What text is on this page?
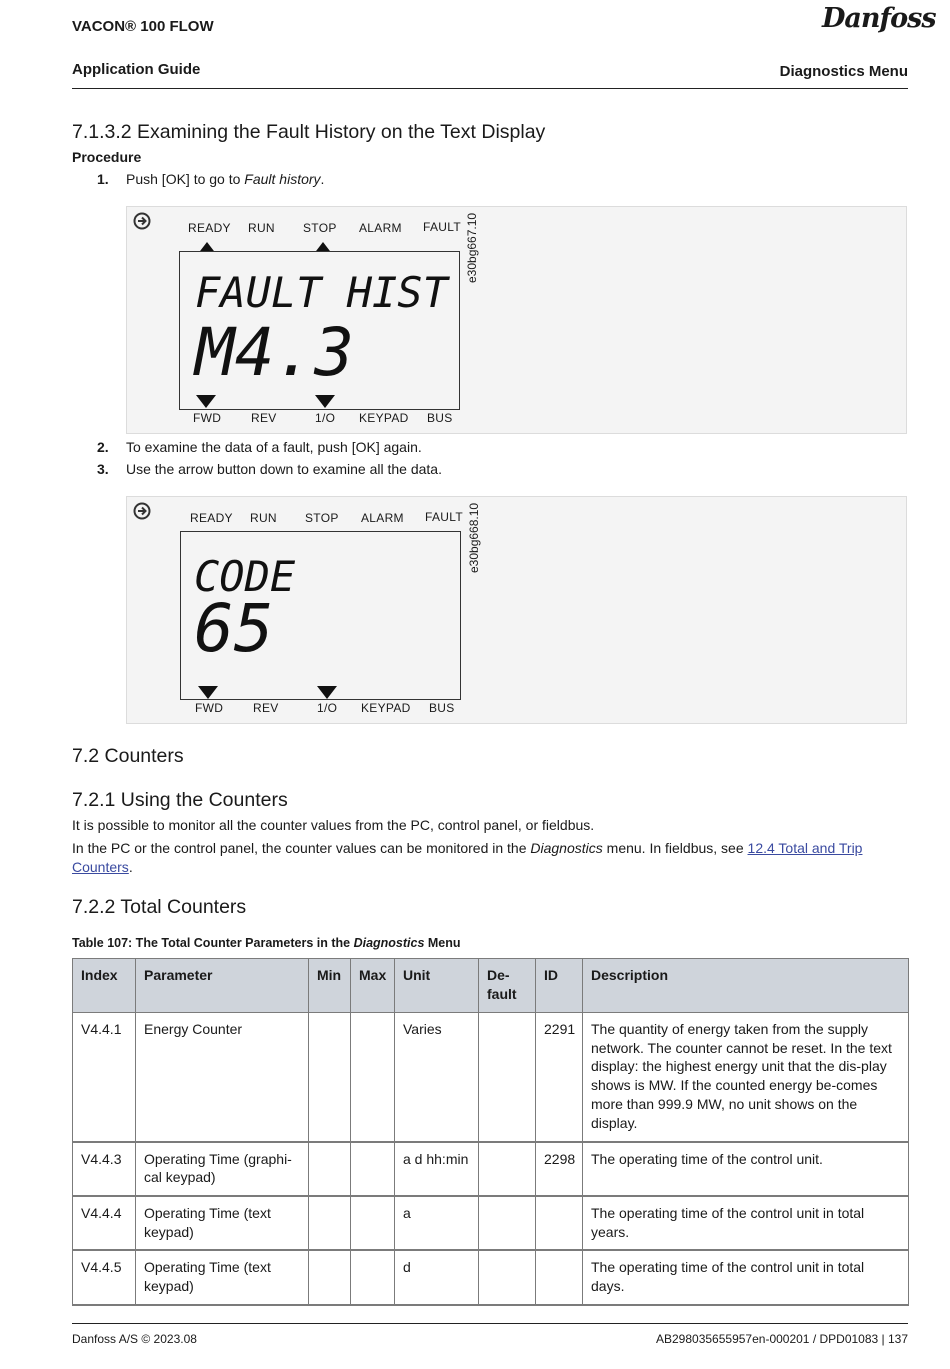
VACON® 100 FLOW	Danfoss
Application Guide	Diagnostics Menu
7.1.3.2 Examining the Fault History on the Text Display
Procedure
1. Push [OK] to go to Fault history.
READY RUN STOP ALARM FAULT e30bg667.10
FAULT HIST
M4.3
FWD REV	1/O KEYPAD BUS
2. To examine the data of a fault, push [OK] again.
3. Use the arrow button down to examine all the data.
READY RUN STOP ALARM FAULT e30bg668.10
CODE
65
FWD REV	1/O KEYPAD BUS
7.2 Counters
7.2.1 Using the Counters
It is possible to monitor all the counter values from the PC, control panel, or fieldbus.
In the PC or the control panel, the counter values can be monitored in the Diagnostics menu. In fieldbus, see 12.4 Total and Trip Counters.
7.2.2 Total Counters
Table 107: The Total Counter Parameters in the Diagnostics Menu
Index	Parameter	Min	Max	Unit	De-fault	ID	Description
V4.4.1	Energy Counter			Varies		2291	The quantity of energy taken from the supply network. The counter cannot be reset. In the text display: the highest energy unit that the dis-play shows is MW. If the counted energy be-comes more than 999.9 MW, no unit shows on the display.
V4.4.3	Operating Time (graphi-cal keypad)			a d hh:min		2298	The operating time of the control unit.
V4.4.4	Operating Time (text keypad)			a			The operating time of the control unit in total years.
V4.4.5	Operating Time (text keypad)			d			The operating time of the control unit in total days.
Danfoss A/S © 2023.08	AB298035655957en-000201 / DPD01083 | 137
